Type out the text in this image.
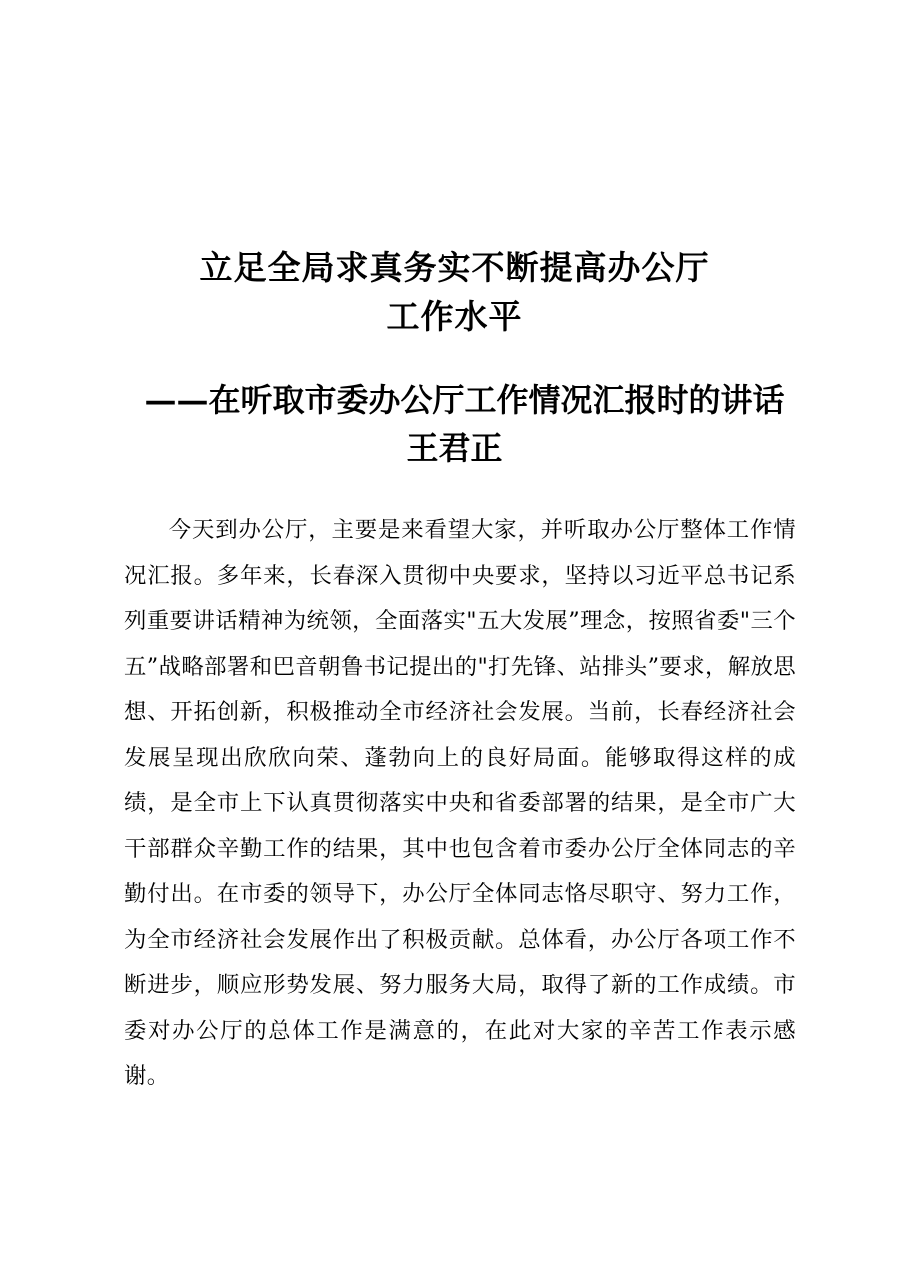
立足全局求真务实不断提高办公厅
工作水平
——在听取市委办公厅工作情况汇报时的讲话
王君正

今天到办公厅，主要是来看望大家，并听取办公厅整体工作情况汇报。多年来，长春深入贯彻中央要求，坚持以习近平总书记系列重要讲话精神为统领，全面落实"五大发展”理念，按照省委"三个五”战略部署和巴音朝鲁书记提出的"打先锋、站排头”要求，解放思想、开拓创新，积极推动全市经济社会发展。当前，长春经济社会发展呈现出欣欣向荣、蓬勃向上的良好局面。能够取得这样的成绩，是全市上下认真贯彻落实中央和省委部署的结果，是全市广大干部群众辛勤工作的结果，其中也包含着市委办公厅全体同志的辛勤付出。在市委的领导下，办公厅全体同志恪尽职守、努力工作，为全市经济社会发展作出了积极贡献。总体看，办公厅各项工作不断进步，顺应形势发展、努力服务大局，取得了新的工作成绩。市委对办公厅的总体工作是满意的，在此对大家的辛苦工作表示感谢。
